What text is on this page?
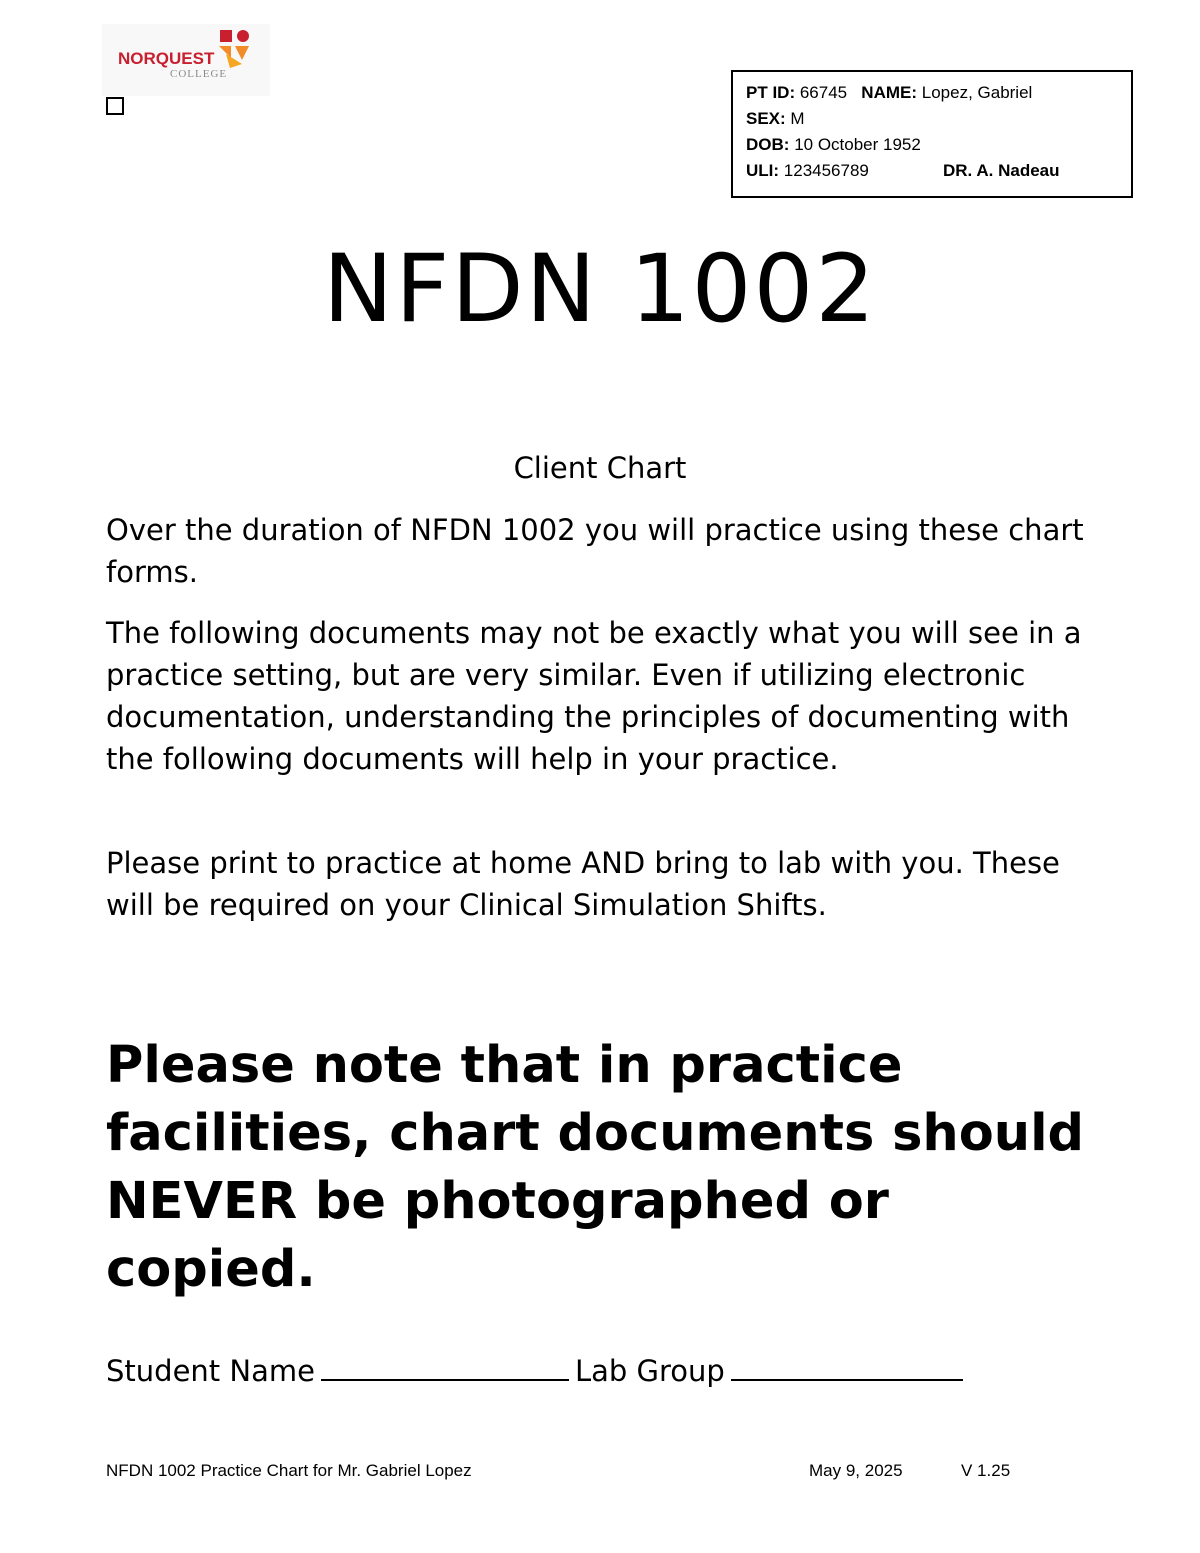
NORQUEST
COLLEGE
PT ID: 66745 NAME: Lopez, Gabriel
SEX: M
DOB: 10 October 1952
ULI: 123456789	DR. A. Nadeau
NFDN 1002
Client Chart

Over the duration of NFDN 1002 you will practice using these chart forms.

The following documents may not be exactly what you will see in a practice setting, but are very similar. Even if utilizing electronic documentation, understanding the principles of documenting with the following documents will help in your practice.

Please print to practice at home AND bring to lab with you. These will be required on your Clinical Simulation Shifts.

Please note that in practice facilities, chart documents should NEVER be photographed or copied.

Student Name	Lab Group
NFDN 1002 Practice Chart for Mr. Gabriel Lopez	May 9, 2025	V 1.25
